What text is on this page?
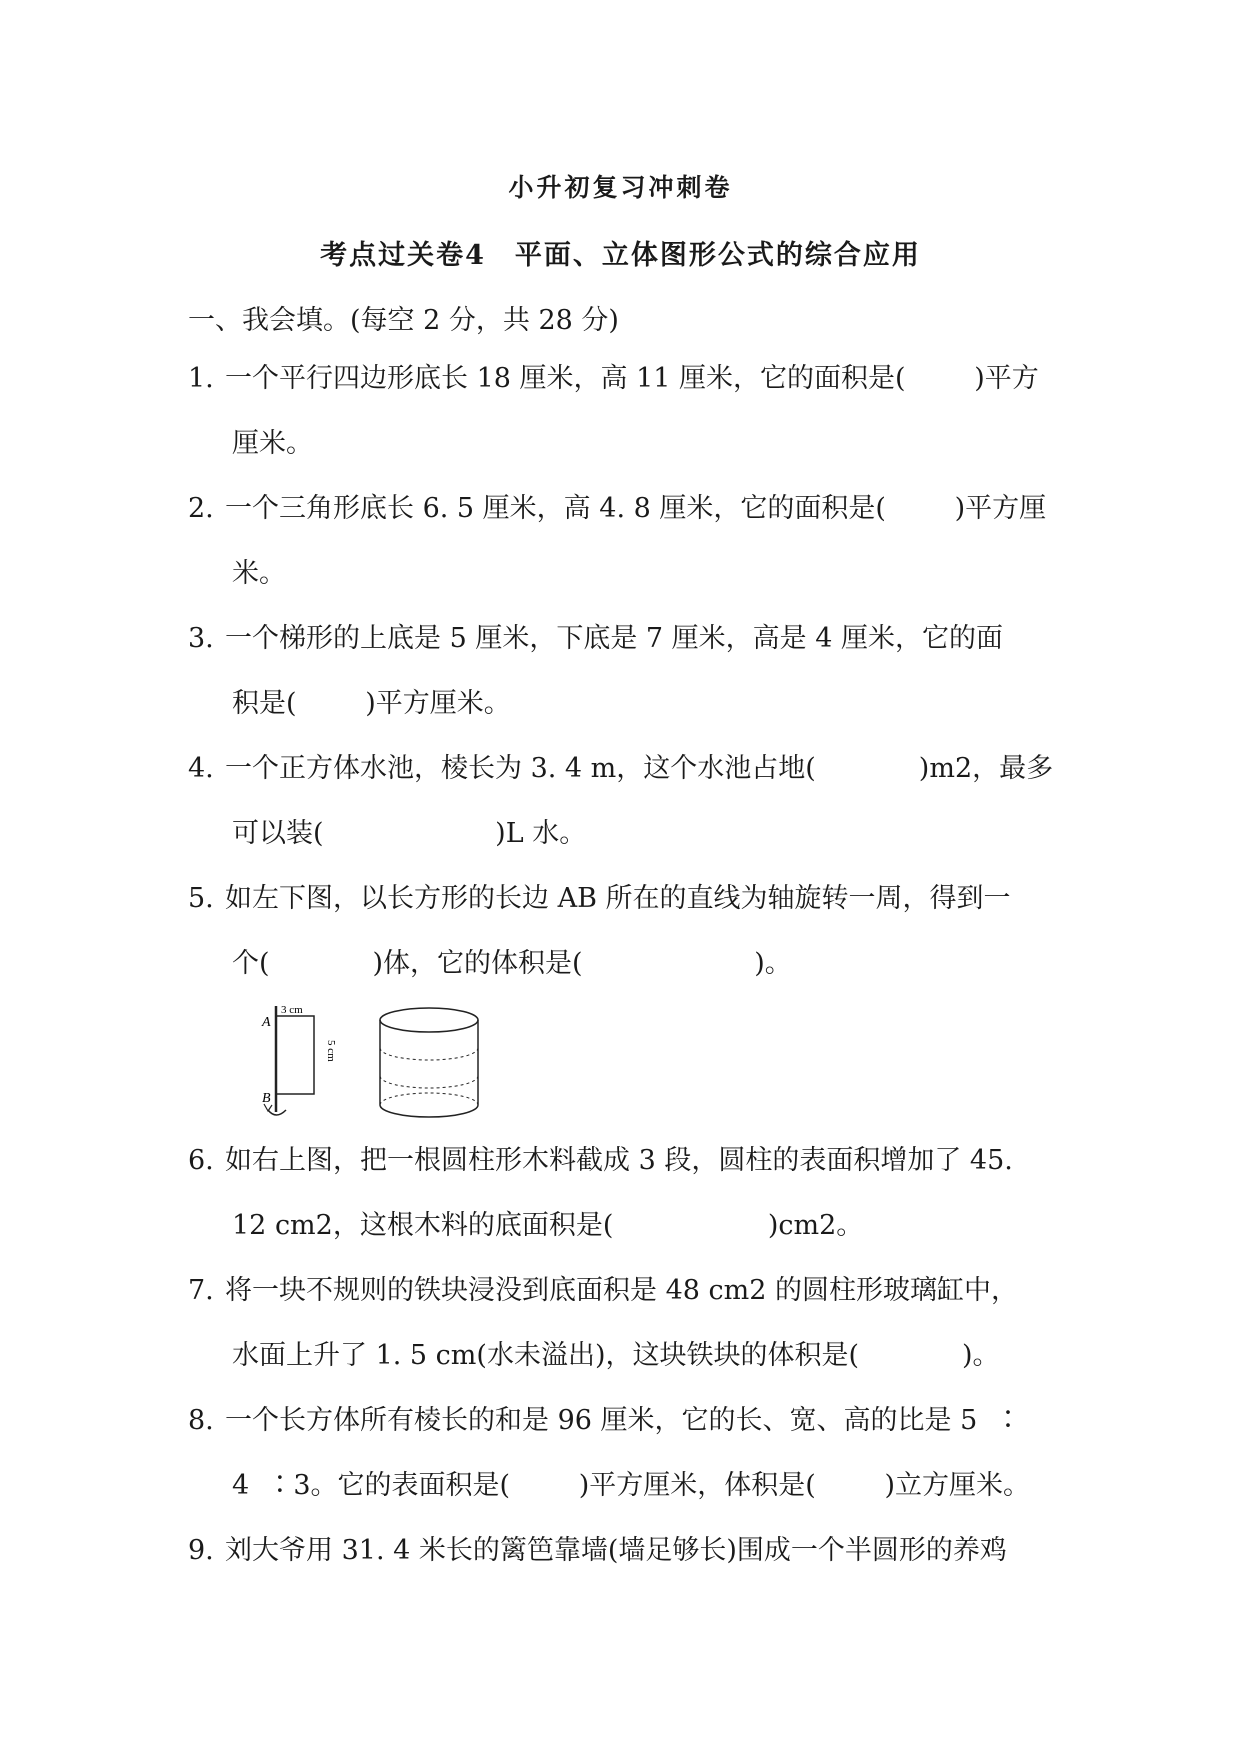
小升初复习冲刺卷
考点过关卷4　平面、立体图形公式的综合应用
一、我会填。(每空 2 分，共 28 分)
1. 一个平行四边形底长 18 厘米，高 11 厘米，它的面积是(        )平方
厘米。
2. 一个三角形底长 6. 5 厘米，高 4. 8 厘米，它的面积是(        )平方厘
米。
3. 一个梯形的上底是 5 厘米，下底是 7 厘米，高是 4 厘米，它的面
积是(        )平方厘米。
4. 一个正方体水池，棱长为 3. 4 m，这个水池占地(            )m2，最多
可以装(                    )L 水。
5. 如左下图，以长方形的长边 AB 所在的直线为轴旋转一周，得到一
个(            )体，它的体积是(                    )。
A
B
3 cm
5 cm
6. 如右上图，把一根圆柱形木料截成 3 段，圆柱的表面积增加了 45.
12 cm2，这根木料的底面积是(                  )cm2。
7. 将一块不规则的铁块浸没到底面积是 48 cm2 的圆柱形玻璃缸中，
水面上升了 1. 5 cm(水未溢出)，这块铁块的体积是(            )。
8. 一个长方体所有棱长的和是 96 厘米，它的长、宽、高的比是 5  ∶
4  ∶3。它的表面积是(        )平方厘米，体积是(        )立方厘米。
9. 刘大爷用 31. 4 米长的篱笆靠墙(墙足够长)围成一个半圆形的养鸡
